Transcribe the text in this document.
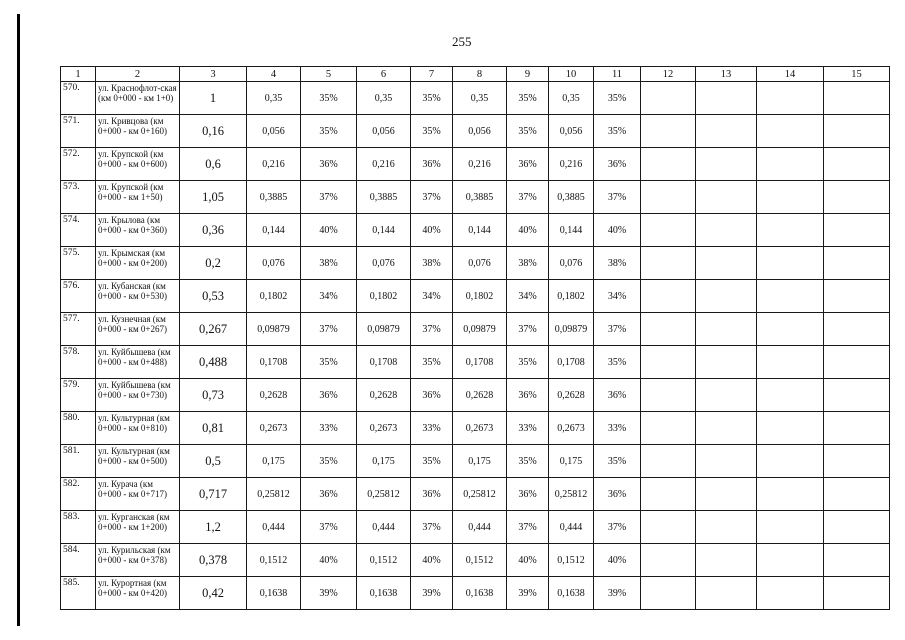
255
1	2	3	4	5	6	7	8	9	10	11	12	13	14	15
570.	ул. Краснофлот-ская (км 0+000 - км 1+0)	1	0,35	35%	0,35	35%	0,35	35%	0,35	35%				
571.	ул. Кривцова (км 0+000 - км 0+160)	0,16	0,056	35%	0,056	35%	0,056	35%	0,056	35%				
572.	ул. Крупской (км 0+000 - км 0+600)	0,6	0,216	36%	0,216	36%	0,216	36%	0,216	36%				
573.	ул. Крупской (км 0+000 - км 1+50)	1,05	0,3885	37%	0,3885	37%	0,3885	37%	0,3885	37%				
574.	ул. Крылова (км 0+000 - км 0+360)	0,36	0,144	40%	0,144	40%	0,144	40%	0,144	40%				
575.	ул. Крымская (км 0+000 - км 0+200)	0,2	0,076	38%	0,076	38%	0,076	38%	0,076	38%				
576.	ул. Кубанская (км 0+000 - км 0+530)	0,53	0,1802	34%	0,1802	34%	0,1802	34%	0,1802	34%				
577.	ул. Кузнечная (км 0+000 - км 0+267)	0,267	0,09879	37%	0,09879	37%	0,09879	37%	0,09879	37%				
578.	ул. Куйбышева (км 0+000 - км 0+488)	0,488	0,1708	35%	0,1708	35%	0,1708	35%	0,1708	35%				
579.	ул. Куйбышева (км 0+000 - км 0+730)	0,73	0,2628	36%	0,2628	36%	0,2628	36%	0,2628	36%				
580.	ул. Культурная (км 0+000 - км 0+810)	0,81	0,2673	33%	0,2673	33%	0,2673	33%	0,2673	33%				
581.	ул. Культурная (км 0+000 - км 0+500)	0,5	0,175	35%	0,175	35%	0,175	35%	0,175	35%				
582.	ул. Курача (км 0+000 - км 0+717)	0,717	0,25812	36%	0,25812	36%	0,25812	36%	0,25812	36%				
583.	ул. Курганская (км 0+000 - км 1+200)	1,2	0,444	37%	0,444	37%	0,444	37%	0,444	37%				
584.	ул. Курильская (км 0+000 - км 0+378)	0,378	0,1512	40%	0,1512	40%	0,1512	40%	0,1512	40%				
585.	ул. Курортная (км 0+000 - км 0+420)	0,42	0,1638	39%	0,1638	39%	0,1638	39%	0,1638	39%				
